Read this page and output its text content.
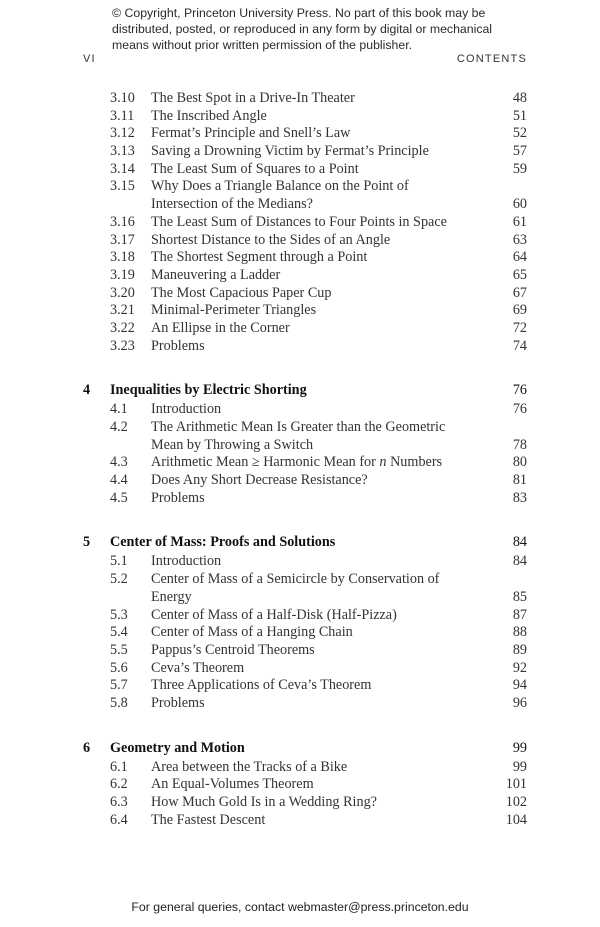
© Copyright, Princeton University Press. No part of this book may be distributed, posted, or reproduced in any form by digital or mechanical means without prior written permission of the publisher.
VI	CONTENTS
3.10 The Best Spot in a Drive-In Theater	48
3.11 The Inscribed Angle	51
3.12 Fermat’s Principle and Snell’s Law	52
3.13 Saving a Drowning Victim by Fermat’s Principle	57
3.14 The Least Sum of Squares to a Point	59
3.15 Why Does a Triangle Balance on the Point of
Intersection of the Medians?	60
3.16 The Least Sum of Distances to Four Points in Space	61
3.17 Shortest Distance to the Sides of an Angle	63
3.18 The Shortest Segment through a Point	64
3.19 Maneuvering a Ladder	65
3.20 The Most Capacious Paper Cup	67
3.21 Minimal-Perimeter Triangles	69
3.22 An Ellipse in the Corner	72
3.23 Problems	74
4 Inequalities by Electric Shorting	76
4.1 Introduction	76
4.2 The Arithmetic Mean Is Greater than the Geometric
Mean by Throwing a Switch	78
4.3 Arithmetic Mean ≥ Harmonic Mean for n Numbers	80
4.4 Does Any Short Decrease Resistance?	81
4.5 Problems	83
5 Center of Mass: Proofs and Solutions	84
5.1 Introduction	84
5.2 Center of Mass of a Semicircle by Conservation of
Energy	85
5.3 Center of Mass of a Half-Disk (Half-Pizza)	87
5.4 Center of Mass of a Hanging Chain	88
5.5 Pappus’s Centroid Theorems	89
5.6 Ceva’s Theorem	92
5.7 Three Applications of Ceva’s Theorem	94
5.8 Problems	96
6 Geometry and Motion	99
6.1 Area between the Tracks of a Bike	99
6.2 An Equal-Volumes Theorem	101
6.3 How Much Gold Is in a Wedding Ring?	102
6.4 The Fastest Descent	104
For general queries, contact webmaster@press.princeton.edu
